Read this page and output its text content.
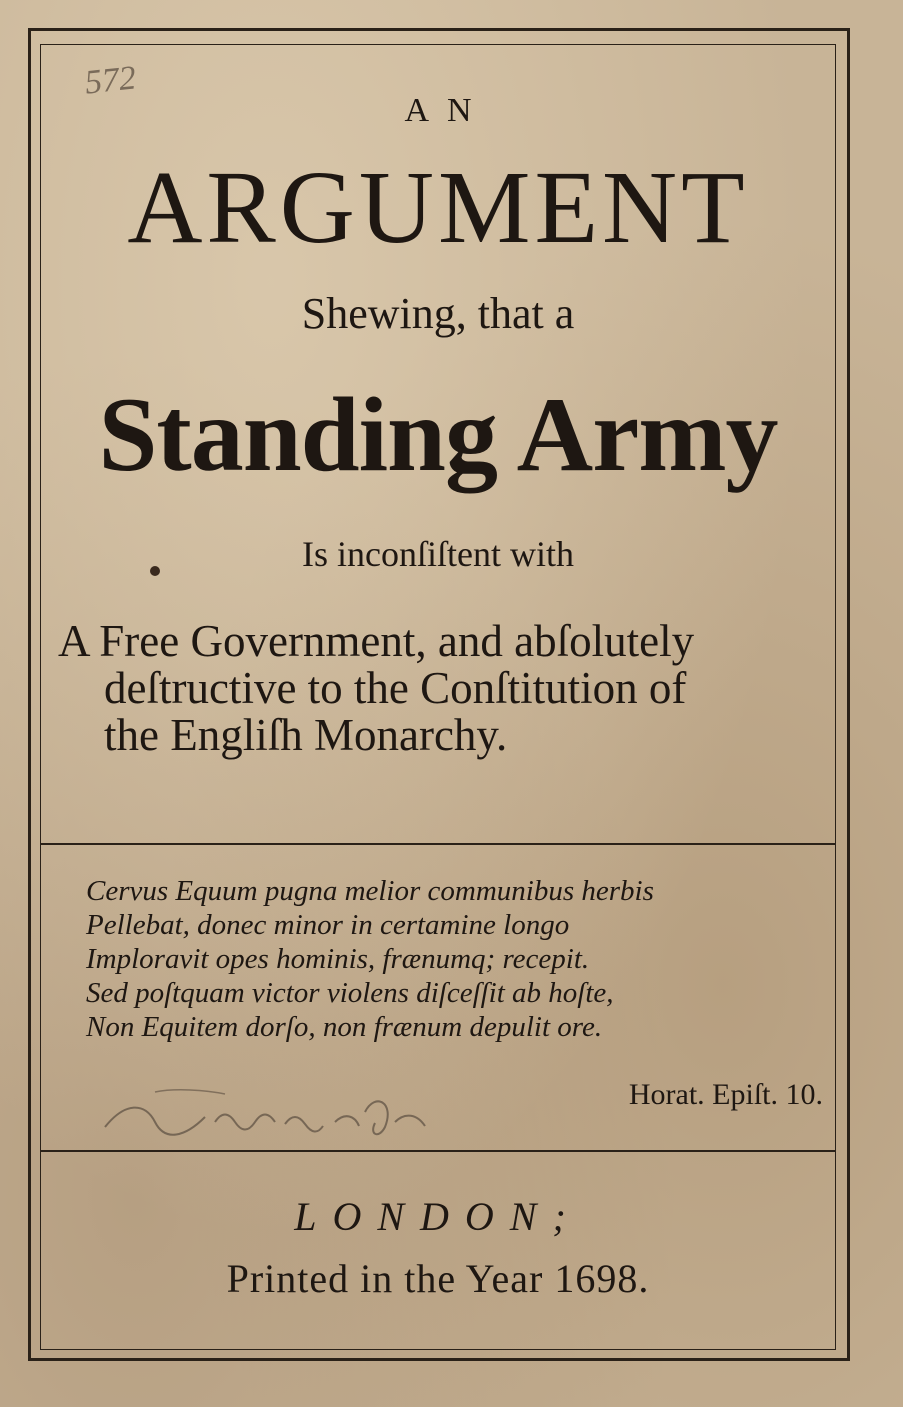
572
AN
ARGUMENT
Shewing, that a
Standing Army
Is inconſiſtent with
A Free Government, and abſolutely
deſtructive to the Conſtitution of
the Engliſh Monarchy.
Cervus Equum pugna melior communibus herbis
Pellebat, donec minor in certamine longo
Imploravit opes hominis, frænumq; recepit.
Sed poſtquam victor violens diſceſſit ab hoſte,
Non Equitem dorſo, non frænum depulit ore.
Horat. Epiſt. 10.
LONDON;
Printed in the Year 1698.
